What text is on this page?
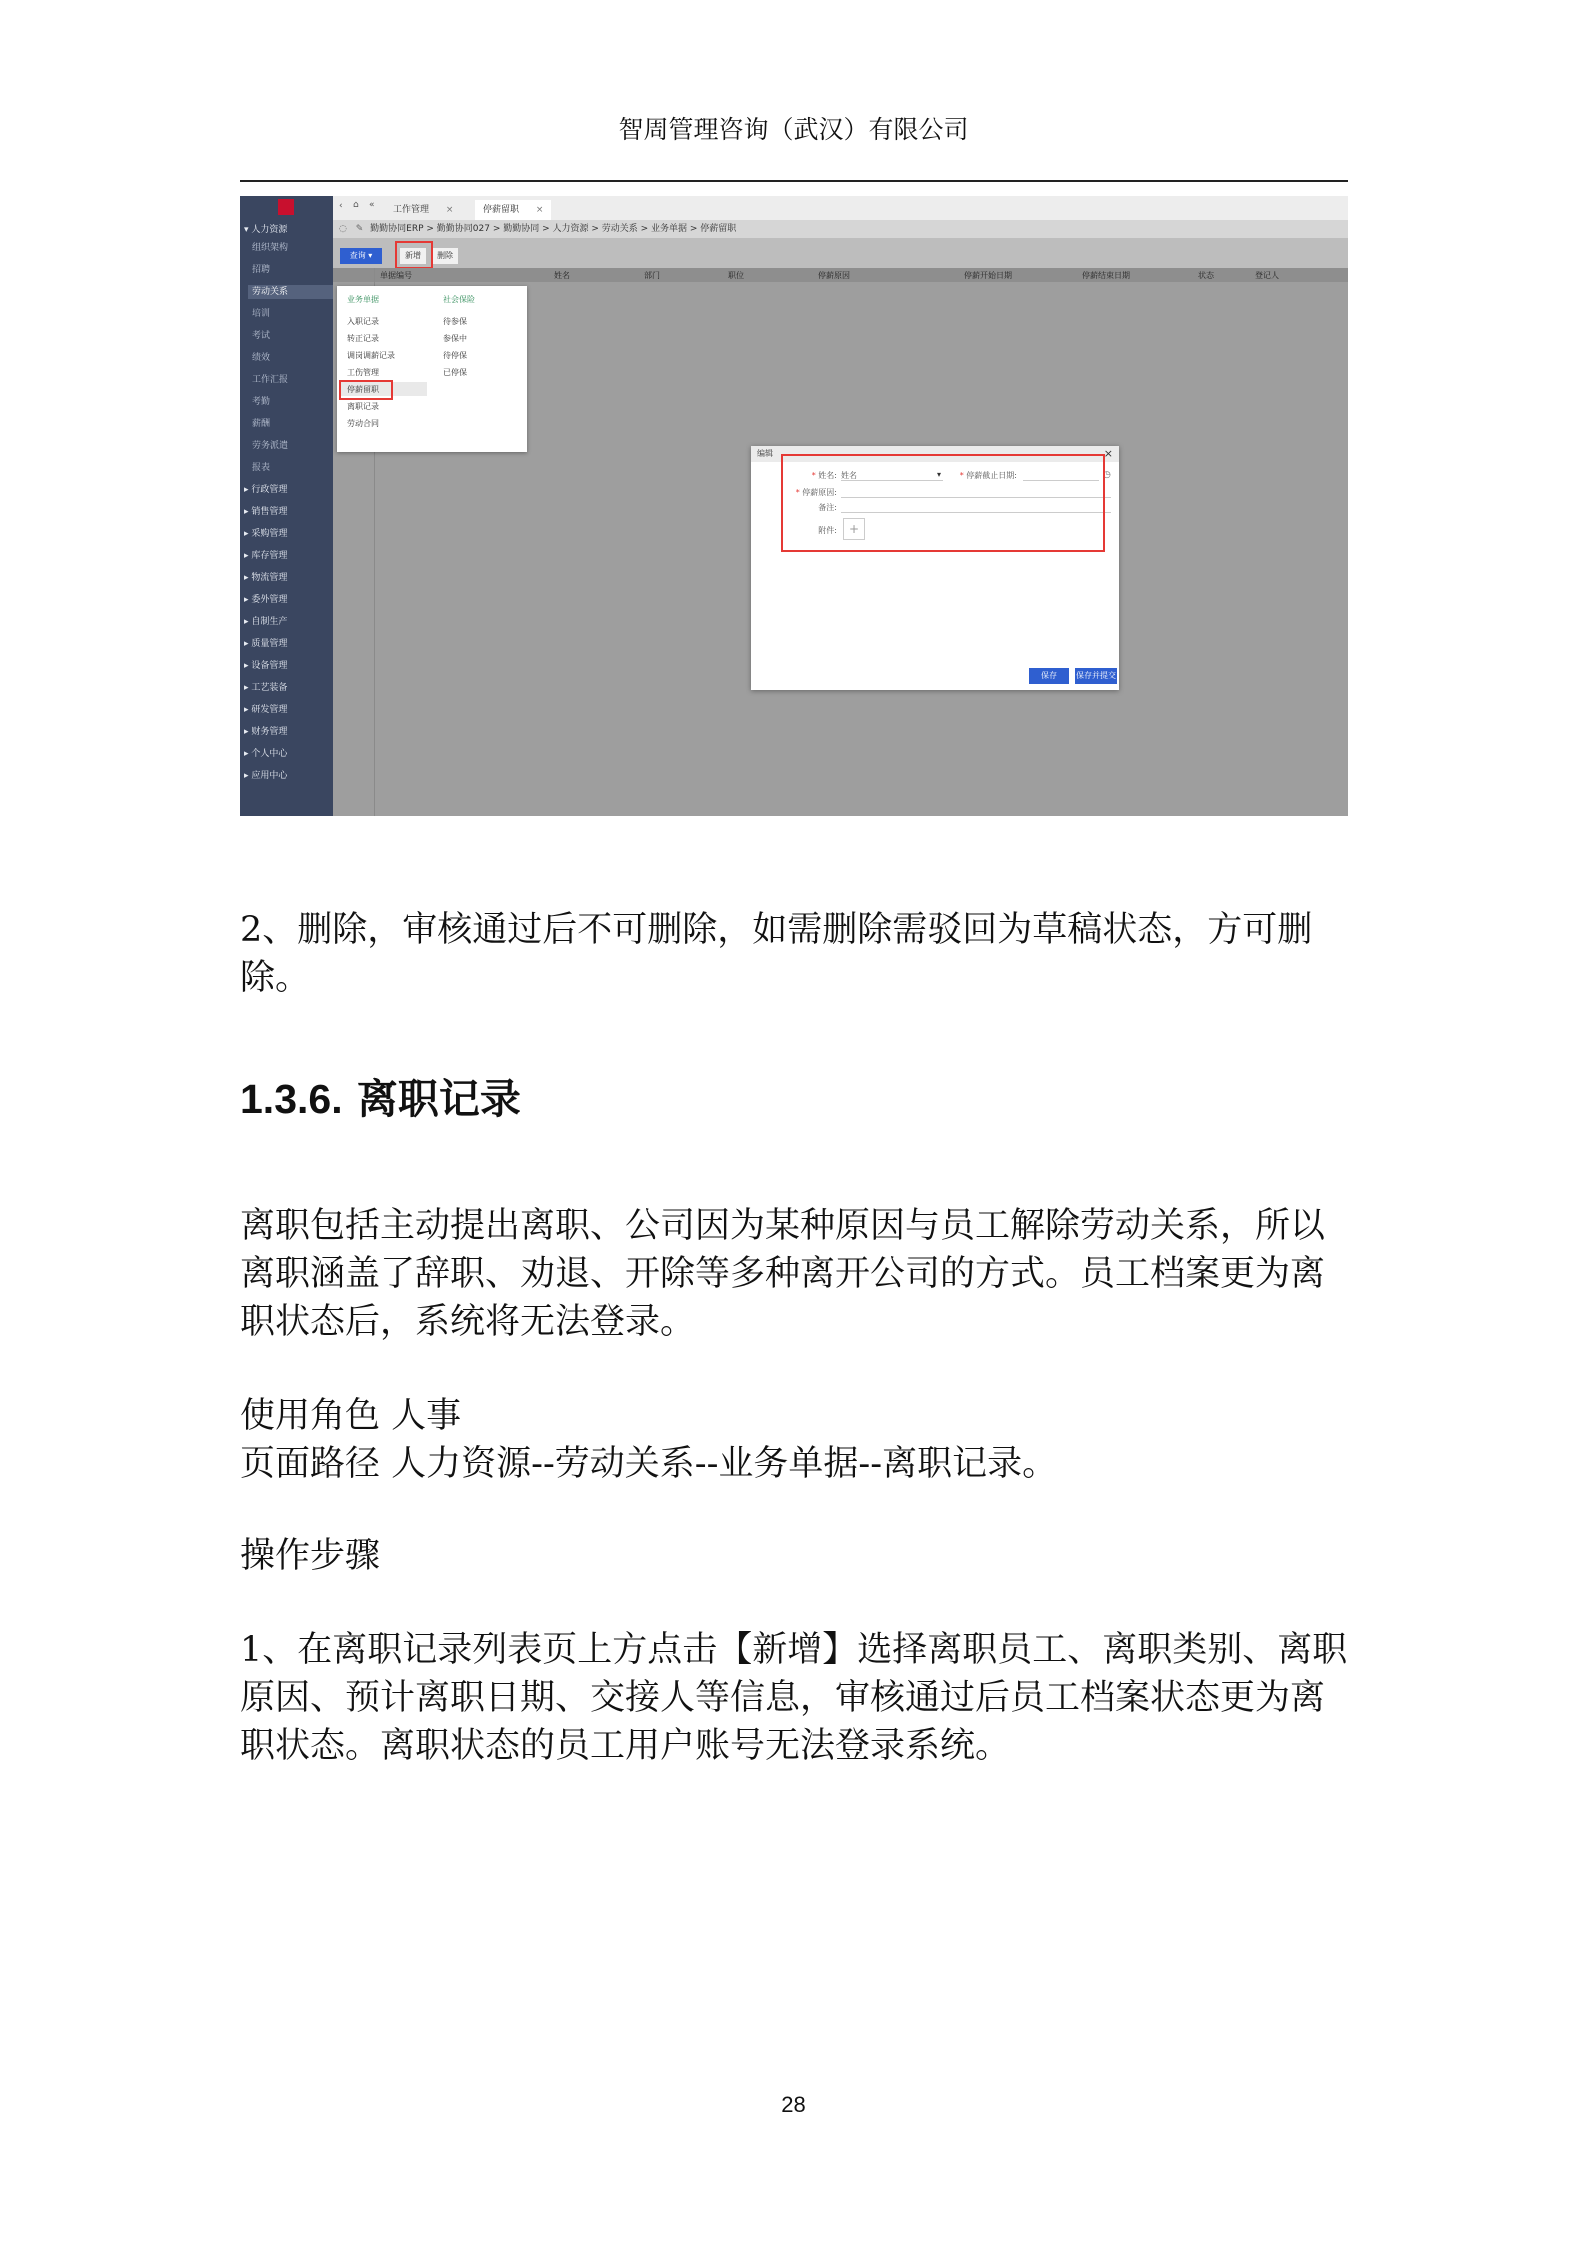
智周管理咨询（武汉）有限公司
▾ 人力资源
组织架构
招聘
劳动关系
培训
考试
绩效
工作汇报
考勤
薪酬
劳务派遣
报表
▸ 行政管理
▸ 销售管理
▸ 采购管理
▸ 库存管理
▸ 物流管理
▸ 委外管理
▸ 自制生产
▸ 质量管理
▸ 设备管理
▸ 工艺装备
▸ 研发管理
▸ 财务管理
▸ 个人中心
▸ 应用中心
‹ ⌂ «	工作管理 ×	停薪留职 ×
◌ ✎ 勤勤协同ERP > 勤勤协同027 > 勤勤协同 > 人力资源 > 劳动关系 > 业务单据 > 停薪留职
查询 ▾	新增	删除
单据编号	姓名	部门	职位	停薪原因	停薪开始日期	停薪结束日期	状态	登记人
业务单据	社会保险
入职记录
转正记录
调岗调薪记录
工伤管理
停薪留职
离职记录
劳动合同
待参保
参保中
待停保
已停保
编辑	×
* 姓名: 姓名	▾	* 停薪截止日期:	◷
* 停薪原因:
备注:
附件: +
保存	保存并提交
2、删除，审核通过后不可删除，如需删除需驳回为草稿状态，方可删除。
1.3.6. 离职记录
离职包括主动提出离职、公司因为某种原因与员工解除劳动关系，所以离职涵盖了辞职、劝退、开除等多种离开公司的方式。员工档案更为离职状态后，系统将无法登录。
使用角色 人事
页面路径 人力资源--劳动关系--业务单据--离职记录。
操作步骤
1、在离职记录列表页上方点击【新增】选择离职员工、离职类别、离职原因、预计离职日期、交接人等信息，审核通过后员工档案状态更为离职状态。离职状态的员工用户账号无法登录系统。
28
